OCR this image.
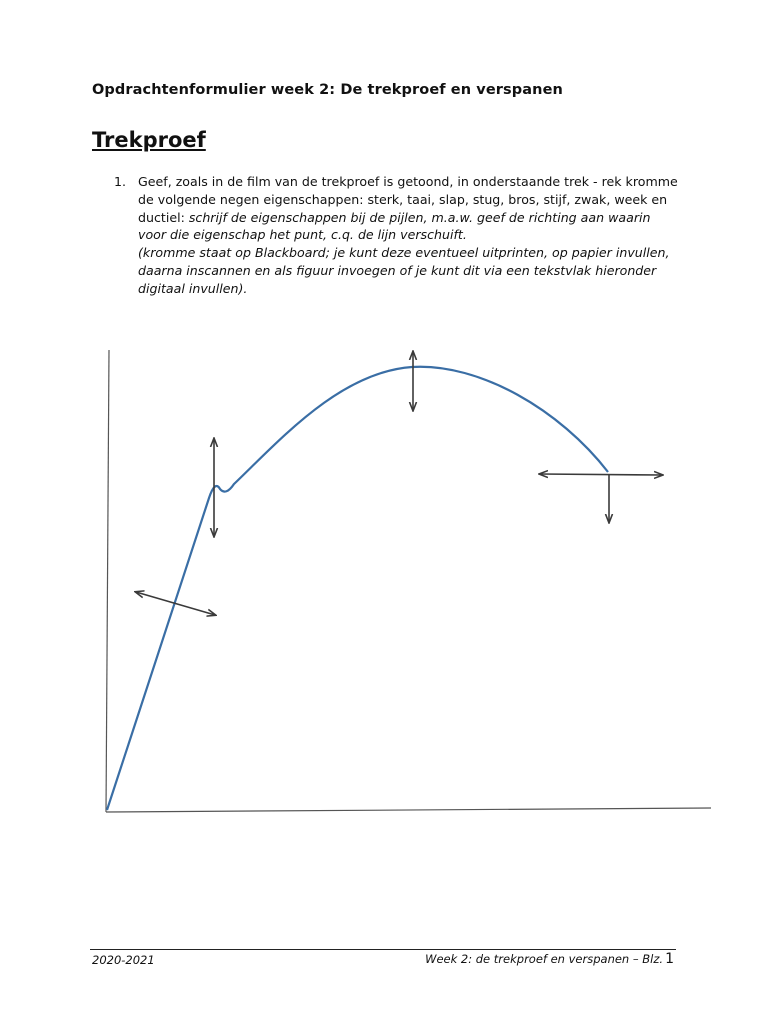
Opdrachtenformulier week 2: De trekproef en verspanen
Trekproef
1. Geef, zoals in de film van de trekproef is getoond, in onderstaande trek - rek kromme
de volgende negen eigenschappen: sterk, taai, slap, stug, bros, stijf, zwak, week en
ductiel: schrijf de eigenschappen bij de pijlen, m.a.w. geef de richting aan waarin
voor die eigenschap het punt, c.q. de lijn verschuift.
(kromme staat op Blackboard; je kunt deze eventueel uitprinten, op papier invullen,
daarna inscannen en als figuur invoegen of je kunt dit via een tekstvlak hieronder
digitaal invullen).
2020-2021	Week 2: de trekproef en verspanen – Blz. 1
